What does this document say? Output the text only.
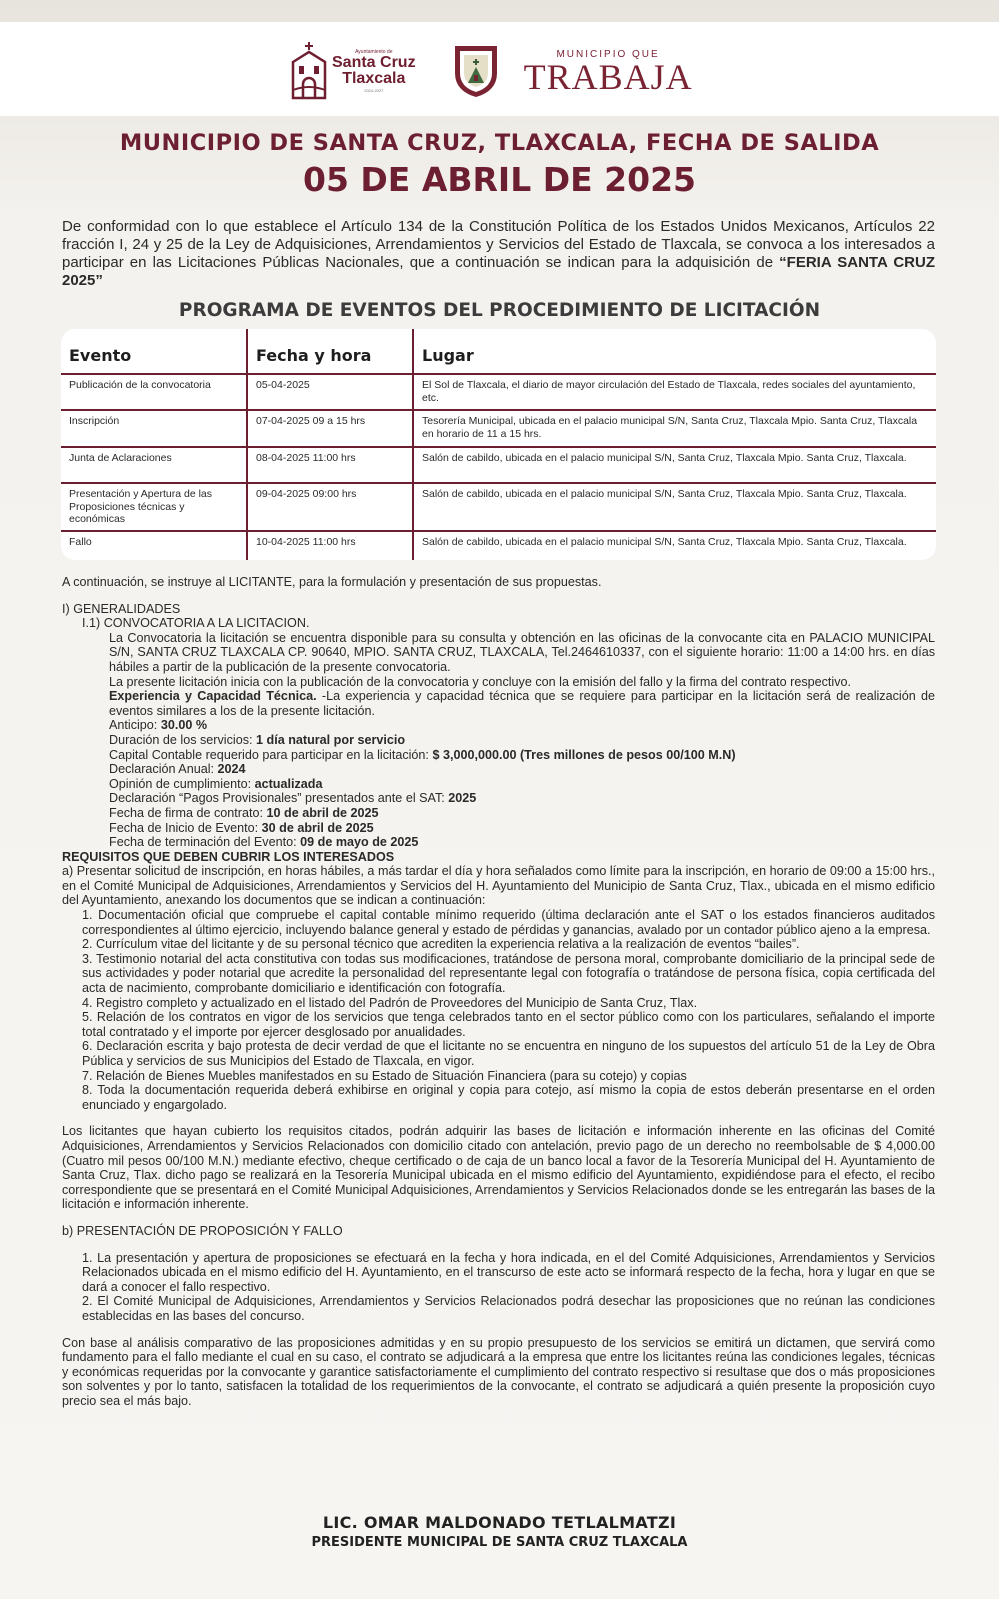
Ayuntamiento de
Santa Cruz
Tlaxcala
2024-2027
MUNICIPIO QUE
TRABAJA
MUNICIPIO DE SANTA CRUZ, TLAXCALA, FECHA DE SALIDA
05 DE ABRIL DE 2025
De conformidad con lo que establece el Artículo 134 de la Constitución Política de los Estados Unidos Mexicanos, Artículos 22 fracción I, 24 y 25 de la Ley de Adquisiciones, Arrendamientos y Servicios del Estado de Tlaxcala, se convoca a los interesados a participar en las Licitaciones Públicas Nacionales, que a continuación se indican para la adquisición de “FERIA SANTA CRUZ 2025”
PROGRAMA DE EVENTOS DEL PROCEDIMIENTO DE LICITACIÓN
Evento	Fecha y hora	Lugar
Publicación de la convocatoria	05-04-2025	El Sol de Tlaxcala, el diario de mayor circulación del Estado de Tlaxcala, redes sociales del ayuntamiento, etc.
Inscripción	07-04-2025 09 a 15 hrs	Tesorería Municipal, ubicada en el palacio municipal S/N, Santa Cruz, Tlaxcala Mpio. Santa Cruz, Tlaxcala en horario de 11 a 15 hrs.
Junta de Aclaraciones	08-04-2025 11:00 hrs	Salón de cabildo, ubicada en el palacio municipal S/N, Santa Cruz, Tlaxcala Mpio. Santa Cruz, Tlaxcala.
Presentación y Apertura de las Proposiciones técnicas y económicas	09-04-2025 09:00 hrs	Salón de cabildo, ubicada en el palacio municipal S/N, Santa Cruz, Tlaxcala Mpio. Santa Cruz, Tlaxcala.
Fallo	10-04-2025 11:00 hrs	Salón de cabildo, ubicada en el palacio municipal S/N, Santa Cruz, Tlaxcala Mpio. Santa Cruz, Tlaxcala.

A continuación, se instruye al LICITANTE, para la formulación y presentación de sus propuestas.

I) GENERALIDADES

I.1) CONVOCATORIA A LA LICITACION.

La Convocatoria la licitación se encuentra disponible para su consulta y obtención en las oficinas de la convocante cita en PALACIO MUNICIPAL S/N, SANTA CRUZ TLAXCALA CP. 90640, MPIO. SANTA CRUZ, TLAXCALA, Tel.2464610337, con el siguiente horario: 11:00 a 14:00 hrs. en días hábiles a partir de la publicación de la presente convocatoria.

La presente licitación inicia con la publicación de la convocatoria y concluye con la emisión del fallo y la firma del contrato respectivo.

Experiencia y Capacidad Técnica. -La experiencia y capacidad técnica que se requiere para participar en la licitación será de realización de eventos similares a los de la presente licitación.

Anticipo: 30.00 %

Duración de los servicios: 1 día natural por servicio

Capital Contable requerido para participar en la licitación: $ 3,000,000.00 (Tres millones de pesos 00/100 M.N)

Declaración Anual: 2024

Opinión de cumplimiento: actualizada

Declaración “Pagos Provisionales” presentados ante el SAT: 2025

Fecha de firma de contrato: 10 de abril de 2025

Fecha de Inicio de Evento: 30 de abril de 2025

Fecha de terminación del Evento: 09 de mayo de 2025

REQUISITOS QUE DEBEN CUBRIR LOS INTERESADOS

a) Presentar solicitud de inscripción, en horas hábiles, a más tardar el día y hora señalados como límite para la inscripción, en horario de 09:00 a 15:00 hrs., en el Comité Municipal de Adquisiciones, Arrendamientos y Servicios del H. Ayuntamiento del Municipio de Santa Cruz, Tlax., ubicada en el mismo edificio del Ayuntamiento, anexando los documentos que se indican a continuación:

1. Documentación oficial que compruebe el capital contable mínimo requerido (última declaración ante el SAT o los estados financieros auditados correspondientes al último ejercicio, incluyendo balance general y estado de pérdidas y ganancias, avalado por un contador público ajeno a la empresa.

2. Currículum vitae del licitante y de su personal técnico que acrediten la experiencia relativa a la realización de eventos “bailes”.

3. Testimonio notarial del acta constitutiva con todas sus modificaciones, tratándose de persona moral, comprobante domiciliario de la principal sede de sus actividades y poder notarial que acredite la personalidad del representante legal con fotografía o tratándose de persona física, copia certificada del acta de nacimiento, comprobante domiciliario e identificación con fotografía.

4. Registro completo y actualizado en el listado del Padrón de Proveedores del Municipio de Santa Cruz, Tlax.

5. Relación de los contratos en vigor de los servicios que tenga celebrados tanto en el sector público como con los particulares, señalando el importe total contratado y el importe por ejercer desglosado por anualidades.

6. Declaración escrita y bajo protesta de decir verdad de que el licitante no se encuentra en ninguno de los supuestos del artículo 51 de la Ley de Obra Pública y servicios de sus Municipios del Estado de Tlaxcala, en vigor.

7. Relación de Bienes Muebles manifestados en su Estado de Situación Financiera (para su cotejo) y copias

8. Toda la documentación requerida deberá exhibirse en original y copia para cotejo, así mismo la copia de estos deberán presentarse en el orden enunciado y engargolado.

Los licitantes que hayan cubierto los requisitos citados, podrán adquirir las bases de licitación e información inherente en las oficinas del Comité Adquisiciones, Arrendamientos y Servicios Relacionados con domicilio citado con antelación, previo pago de un derecho no reembolsable de $ 4,000.00 (Cuatro mil pesos 00/100 M.N.) mediante efectivo, cheque certificado o de caja de un banco local a favor de la Tesorería Municipal del H. Ayuntamiento de Santa Cruz, Tlax. dicho pago se realizará en la Tesorería Municipal ubicada en el mismo edificio del Ayuntamiento, expidiéndose para el efecto, el recibo correspondiente que se presentará en el Comité Municipal Adquisiciones, Arrendamientos y Servicios Relacionados donde se les entregarán las bases de la licitación e información inherente.

b) PRESENTACIÓN DE PROPOSICIÓN Y FALLO

1. La presentación y apertura de proposiciones se efectuará en la fecha y hora indicada, en el del Comité Adquisiciones, Arrendamientos y Servicios Relacionados ubicada en el mismo edificio del H. Ayuntamiento, en el transcurso de este acto se informará respecto de la fecha, hora y lugar en que se dará a conocer el fallo respectivo.

2. El Comité Municipal de Adquisiciones, Arrendamientos y Servicios Relacionados podrá desechar las proposiciones que no reúnan las condiciones establecidas en las bases del concurso.

Con base al análisis comparativo de las proposiciones admitidas y en su propio presupuesto de los servicios se emitirá un dictamen, que servirá como fundamento para el fallo mediante el cual en su caso, el contrato se adjudicará a la empresa que entre los licitantes reúna las condiciones legales, técnicas y económicas requeridas por la convocante y garantice satisfactoriamente el cumplimiento del contrato respectivo si resultase que dos o más proposiciones son solventes y por lo tanto, satisfacen la totalidad de los requerimientos de la convocante, el contrato se adjudicará a quién presente la proposición cuyo precio sea el más bajo.

LIC. OMAR MALDONADO TETLALMATZI
PRESIDENTE MUNICIPAL DE SANTA CRUZ TLAXCALA
